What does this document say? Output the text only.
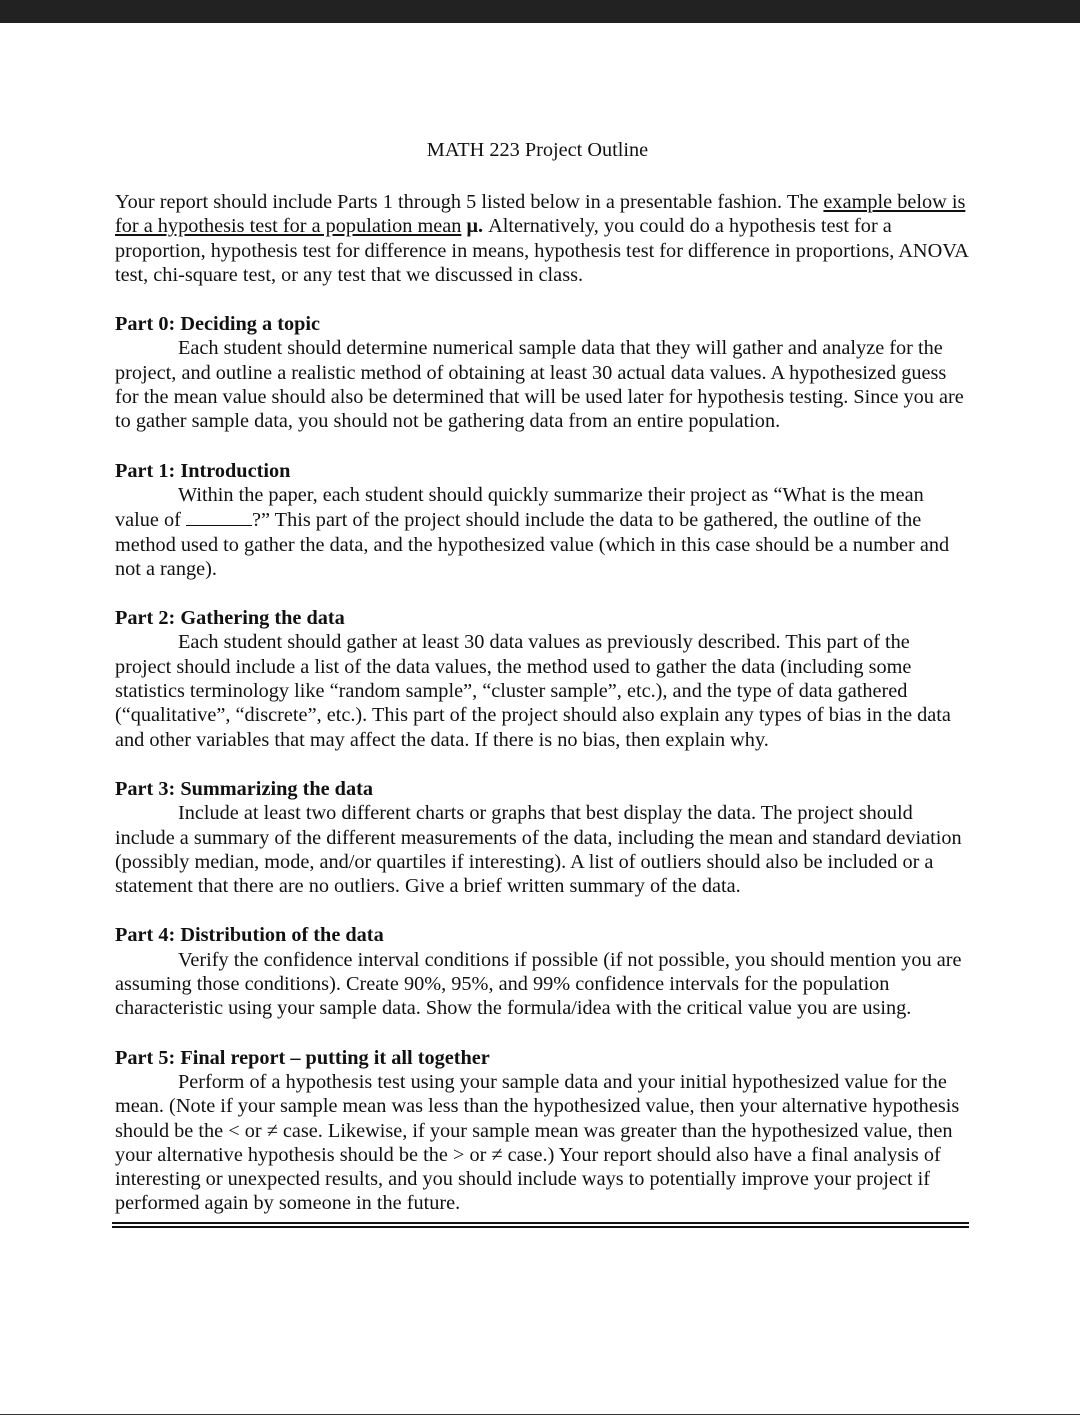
MATH 223 Project Outline

Your report should include Parts 1 through 5 listed below in a presentable fashion. The example below is for a hypothesis test for a population mean μ. Alternatively, you could do a hypothesis test for a proportion, hypothesis test for difference in means, hypothesis test for difference in proportions, ANOVA test, chi-square test, or any test that we discussed in class.

Part 0: Deciding a topic

Each student should determine numerical sample data that they will gather and analyze for the project, and outline a realistic method of obtaining at least 30 actual data values. A hypothesized guess for the mean value should also be determined that will be used later for hypothesis testing. Since you are to gather sample data, you should not be gathering data from an entire population.

Part 1: Introduction

Within the paper, each student should quickly summarize their project as “What is the mean value of	?” This part of the project should include the data to be gathered, the outline of the method used to gather the data, and the hypothesized value (which in this case should be a number and not a range).

Part 2: Gathering the data

Each student should gather at least 30 data values as previously described. This part of the project should include a list of the data values, the method used to gather the data (including some statistics terminology like “random sample”, “cluster sample”, etc.), and the type of data gathered (“qualitative”, “discrete”, etc.). This part of the project should also explain any types of bias in the data and other variables that may affect the data. If there is no bias, then explain why.

Part 3: Summarizing the data

Include at least two different charts or graphs that best display the data. The project should include a summary of the different measurements of the data, including the mean and standard deviation (possibly median, mode, and/or quartiles if interesting). A list of outliers should also be included or a statement that there are no outliers. Give a brief written summary of the data.

Part 4: Distribution of the data

Verify the confidence interval conditions if possible (if not possible, you should mention you are assuming those conditions). Create 90%, 95%, and 99% confidence intervals for the population characteristic using your sample data. Show the formula/idea with the critical value you are using.

Part 5: Final report – putting it all together

Perform of a hypothesis test using your sample data and your initial hypothesized value for the mean. (Note if your sample mean was less than the hypothesized value, then your alternative hypothesis should be the < or ≠ case. Likewise, if your sample mean was greater than the hypothesized value, then your alternative hypothesis should be the > or ≠ case.) Your report should also have a final analysis of interesting or unexpected results, and you should include ways to potentially improve your project if performed again by someone in the future.
